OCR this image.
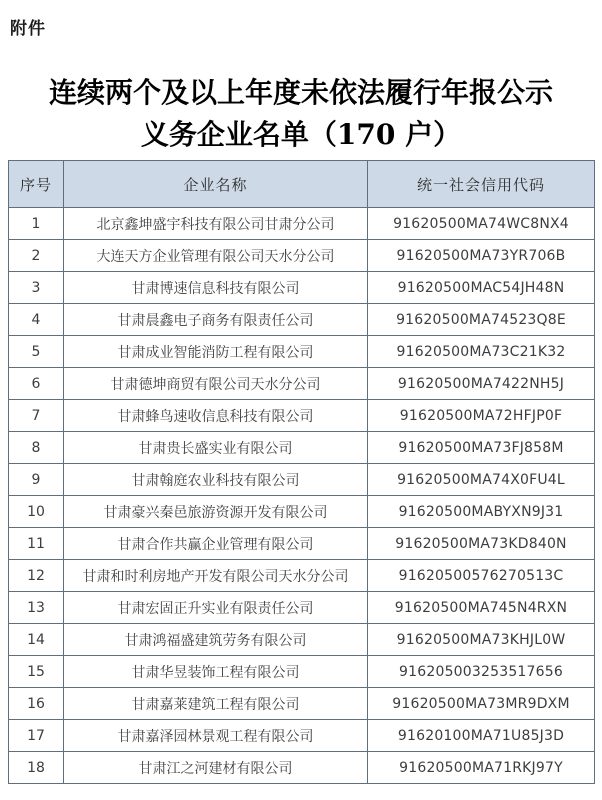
附件
连续两个及以上年度未依法履行年报公示
义务企业名单（170 户）
序号	企业名称	统一社会信用代码
1	北京鑫坤盛宇科技有限公司甘肃分公司	91620500MA74WC8NX4
2	大连天方企业管理有限公司天水分公司	91620500MA73YR706B
3	甘肃博速信息科技有限公司	91620500MAC54JH48N
4	甘肃晨鑫电子商务有限责任公司	91620500MA74523Q8E
5	甘肃成业智能消防工程有限公司	91620500MA73C21K32
6	甘肃德坤商贸有限公司天水分公司	91620500MA7422NH5J
7	甘肃蜂鸟速收信息科技有限公司	91620500MA72HFJP0F
8	甘肃贵长盛实业有限公司	91620500MA73FJ858M
9	甘肃翰庭农业科技有限公司	91620500MA74X0FU4L
10	甘肃豪兴秦邑旅游资源开发有限公司	91620500MABYXN9J31
11	甘肃合作共赢企业管理有限公司	91620500MA73KD840N
12	甘肃和时利房地产开发有限公司天水分公司	91620500576270513C
13	甘肃宏固正升实业有限责任公司	91620500MA745N4RXN
14	甘肃鸿福盛建筑劳务有限公司	91620500MA73KHJL0W
15	甘肃华昱装饰工程有限公司	916205003253517656
16	甘肃嘉莱建筑工程有限公司	91620500MA73MR9DXM
17	甘肃嘉泽园林景观工程有限公司	91620100MA71U85J3D
18	甘肃江之河建材有限公司	91620500MA71RKJ97Y
